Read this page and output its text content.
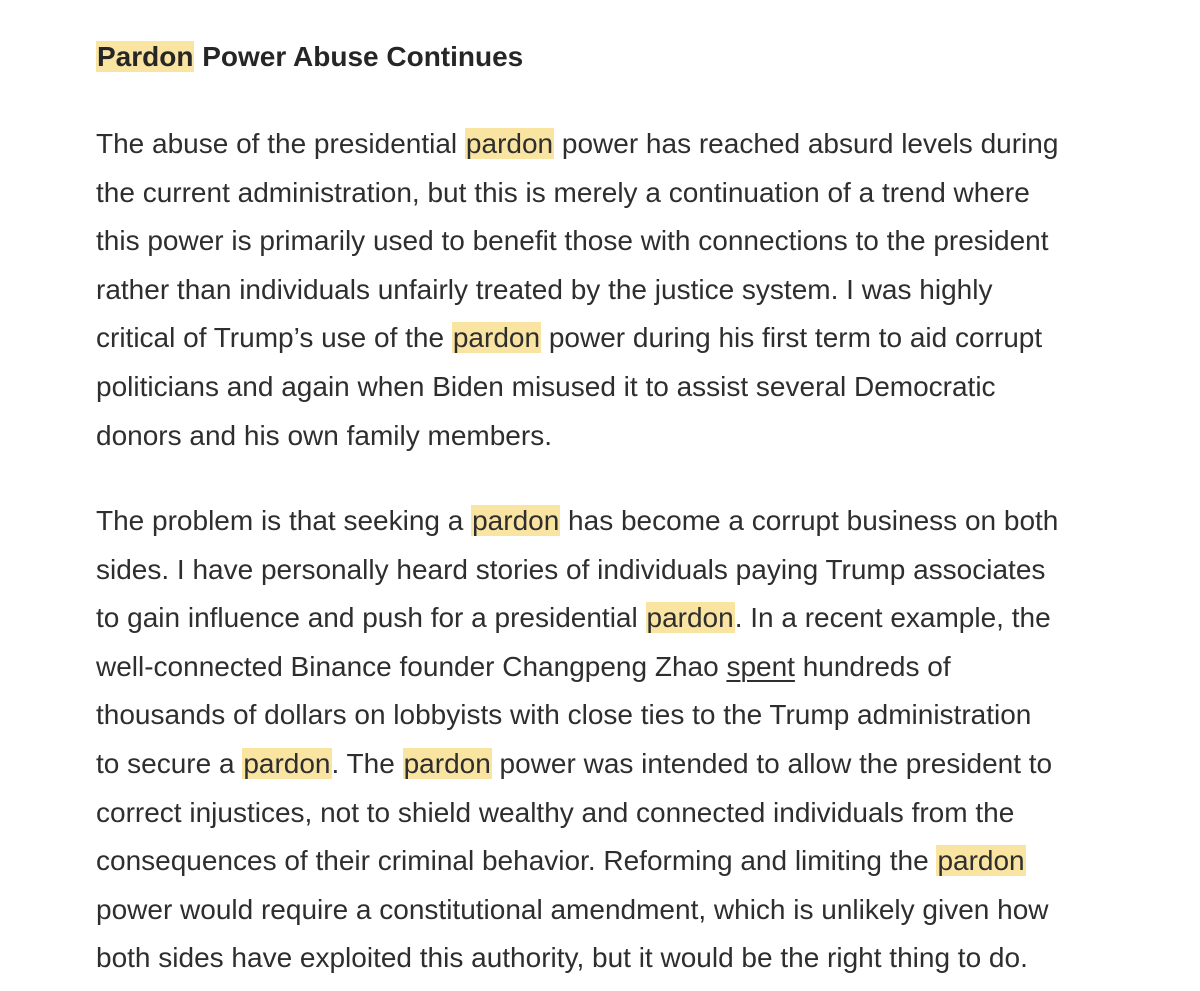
Pardon Power Abuse Continues

The abuse of the presidential pardon power has reached absurd levels during
the current administration, but this is merely a continuation of a trend where
this power is primarily used to benefit those with connections to the president
rather than individuals unfairly treated by the justice system. I was highly
critical of Trump’s use of the pardon power during his first term to aid corrupt
politicians and again when Biden misused it to assist several Democratic
donors and his own family members.

The problem is that seeking a pardon has become a corrupt business on both
sides. I have personally heard stories of individuals paying Trump associates
to gain influence and push for a presidential pardon. In a recent example, the
well-connected Binance founder Changpeng Zhao spent hundreds of
thousands of dollars on lobbyists with close ties to the Trump administration
to secure a pardon. The pardon power was intended to allow the president to
correct injustices, not to shield wealthy and connected individuals from the
consequences of their criminal behavior. Reforming and limiting the pardon
power would require a constitutional amendment, which is unlikely given how
both sides have exploited this authority, but it would be the right thing to do.
